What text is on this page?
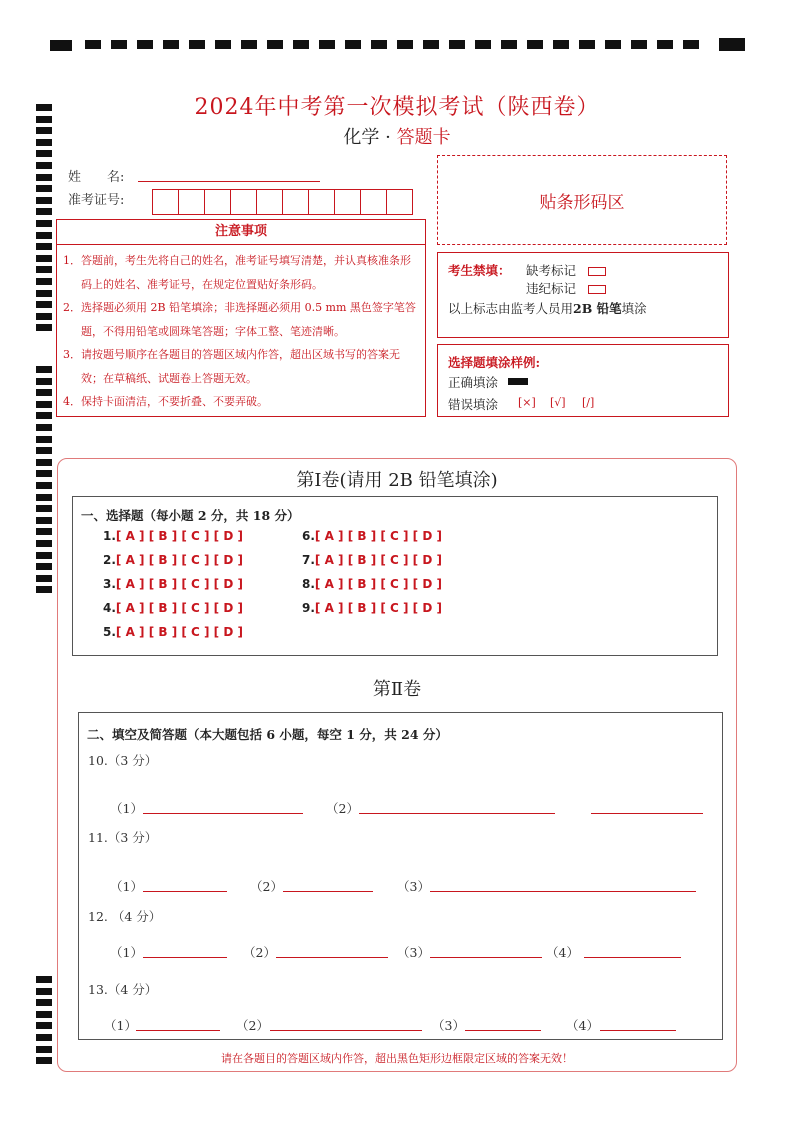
2024年中考第一次模拟考试（陕西卷）
化学 · 答题卡
姓　　名:
准考证号:	贴条形码区
注意事项
1．答题前，考生先将自己的姓名，准考证号填写清楚，并认真核准条形码上的姓名、准考证号，在规定位置贴好条形码。
2．选择题必须用 2B 铅笔填涂；非选择题必须用 0.5 mm 黑色签字笔答题，不得用铅笔或圆珠笔答题；字体工整、笔迹清晰。
3．请按题号顺序在各题目的答题区域内作答，超出区域书写的答案无效；在草稿纸、试题卷上答题无效。
4．保持卡面清洁，不要折叠、不要弄破。
考生禁填： 缺考标记
违纪标记
以上标志由监考人员用2B 铅笔填涂
选择题填涂样例:
正确填涂
错误填涂 [×] [√] [/]
第Ⅰ卷(请用 2B 铅笔填涂)
一、选择题（每小题 2 分，共 18 分）
1.[ A ] [ B ] [ C ] [ D ]
2.[ A ] [ B ] [ C ] [ D ]
3.[ A ] [ B ] [ C ] [ D ]
4.[ A ] [ B ] [ C ] [ D ]
5.[ A ] [ B ] [ C ] [ D ]
6.[ A ] [ B ] [ C ] [ D ]
7.[ A ] [ B ] [ C ] [ D ]
8.[ A ] [ B ] [ C ] [ D ]
9.[ A ] [ B ] [ C ] [ D ]
第Ⅱ卷
二、填空及简答题（本大题包括 6 小题，每空 1 分，共 24 分）
10.（3 分）
（1）	（2）
11.（3 分）
（1）	（2）	（3）
12. （4 分）
（1）	（2）	（3）	（4）
13.（4 分）
（1）	（2）	（3）	（4）
请在各题目的答题区域内作答，超出黑色矩形边框限定区域的答案无效！
